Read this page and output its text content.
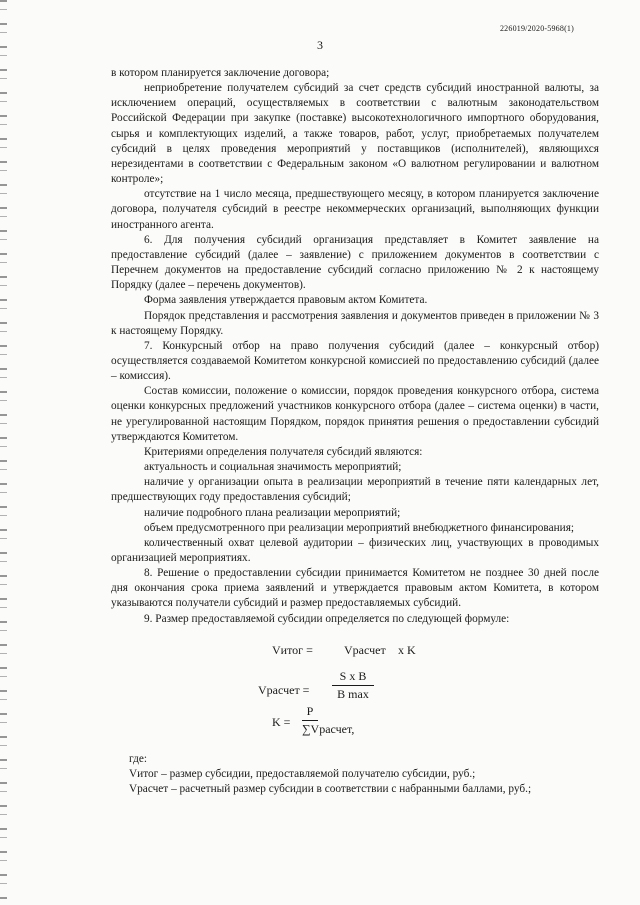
226019/2020-5968(1)
3

в котором планируется заключение договора;

неприобретение получателем субсидий за счет средств субсидий иностранной валюты, за исключением операций, осуществляемых в соответствии с валютным законодательством Российской Федерации при закупке (поставке) высокотехнологичного импортного оборудования, сырья и комплектующих изделий, а также товаров, работ, услуг, приобретаемых получателем субсидий в целях проведения мероприятий у поставщиков (исполнителей), являющихся нерезидентами в соответствии с Федеральным законом «О валютном регулировании и валютном контроле»;

отсутствие на 1 число месяца, предшествующего месяцу, в котором планируется заключение договора, получателя субсидий в реестре некоммерческих организаций, выполняющих функции иностранного агента.

6. Для получения субсидий организация представляет в Комитет заявление на предоставление субсидий (далее – заявление) с приложением документов в соответствии с Перечнем документов на предоставление субсидий согласно приложению № 2 к настоящему Порядку (далее – перечень документов).

Форма заявления утверждается правовым актом Комитета.

Порядок представления и рассмотрения заявления и документов приведен в приложении № 3 к настоящему Порядку.

7. Конкурсный отбор на право получения субсидий (далее – конкурсный отбор) осуществляется создаваемой Комитетом конкурсной комиссией по предоставлению субсидий (далее – комиссия).

Состав комиссии, положение о комиссии, порядок проведения конкурсного отбора, система оценки конкурсных предложений участников конкурсного отбора (далее – система оценки) в части, не урегулированной настоящим Порядком, порядок принятия решения о предоставлении субсидий утверждаются Комитетом.

Критериями определения получателя субсидий являются:

актуальность и социальная значимость мероприятий;

наличие у организации опыта в реализации мероприятий в течение пяти календарных лет, предшествующих году предоставления субсидий;

наличие подробного плана реализации мероприятий;

объем предусмотренного при реализации мероприятий внебюджетного финансирования;

количественный охват целевой аудитории – физических лиц, участвующих в проводимых организацией мероприятиях.

8. Решение о предоставлении субсидии принимается Комитетом не позднее 30 дней после дня окончания срока приема заявлений и утверждается правовым актом Комитета, в котором указываются получатели субсидий и размер предоставляемых субсидий.

9. Размер предоставляемой субсидии определяется по следующей формуле:

Vитог =	Vрасчет x K
Vрасчет =
S x B
B max
K =
P
∑Vрасчет,

где:

Vитог – размер субсидии, предоставляемой получателю субсидии, руб.;

Vрасчет – расчетный размер субсидии в соответствии с набранными баллами, руб.;
